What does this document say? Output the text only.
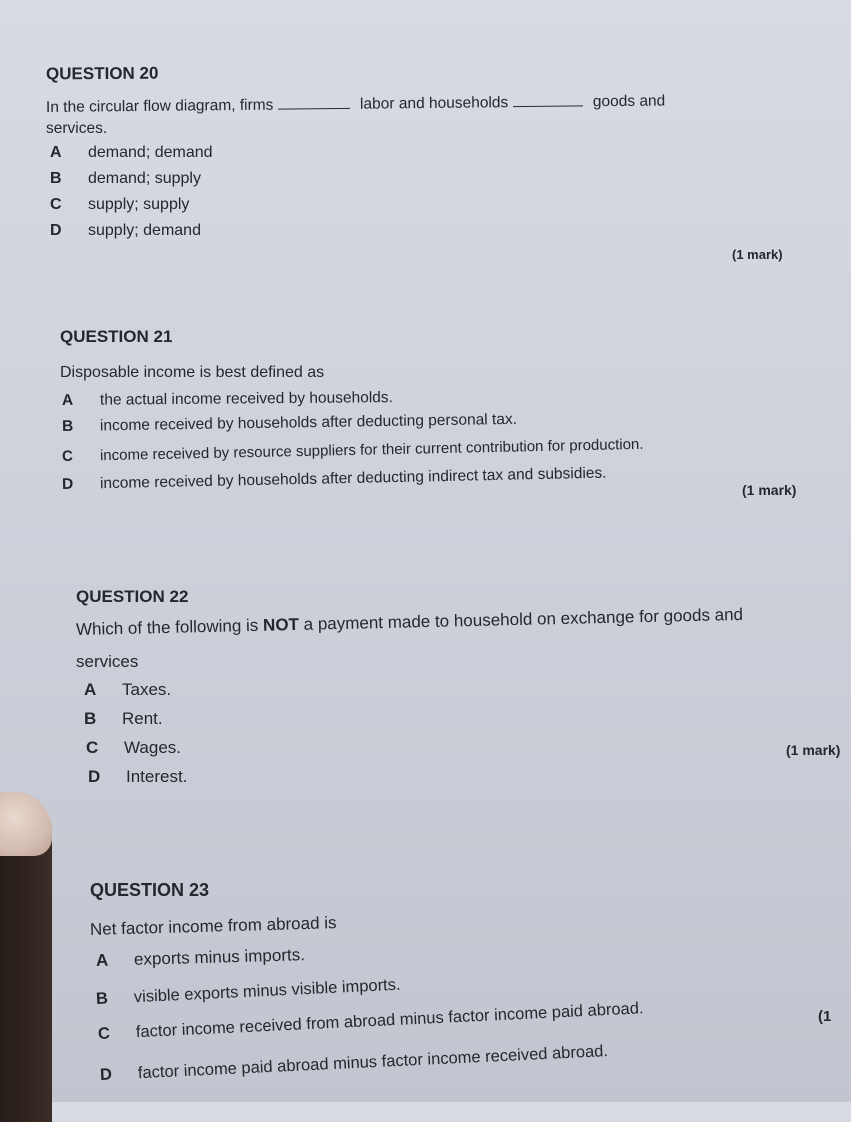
QUESTION 20
In the circular flow diagram, firms	labor and households	goods and
services.
A demand; demand
B demand; supply
C supply; supply
D supply; demand
(1 mark)
QUESTION 21
Disposable income is best defined as
A the actual income received by households.
B income received by households after deducting personal tax.
C income received by resource suppliers for their current contribution for production.
D income received by households after deducting indirect tax and subsidies.	(1 mark)
QUESTION 22
Which of the following is NOT a payment made to household on exchange for goods and
services
A Taxes.
B Rent.
C Wages.
D Interest.
(1 mark)
QUESTION 23
Net factor income from abroad is
A exports minus imports.
B visible exports minus visible imports.
C factor income received from abroad minus factor income paid abroad.
D factor income paid abroad minus factor income received abroad.
(1
